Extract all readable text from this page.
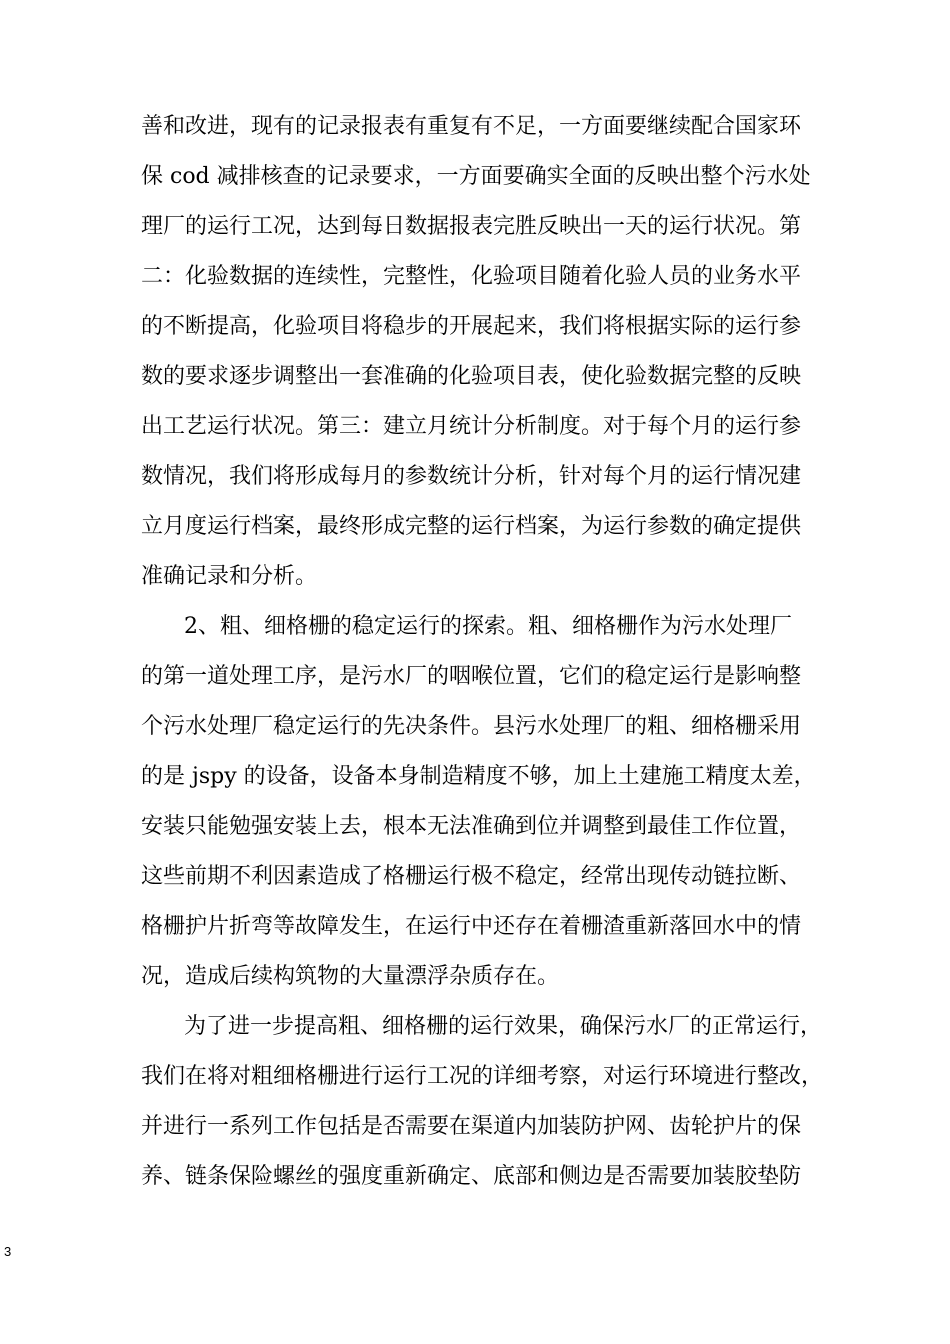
善和改进，现有的记录报表有重复有不足，一方面要继续配合国家环
保 cod 减排核查的记录要求，一方面要确实全面的反映出整个污水处
理厂的运行工况，达到每日数据报表完胜反映出一天的运行状况。第
二：化验数据的连续性，完整性，化验项目随着化验人员的业务水平
的不断提高，化验项目将稳步的开展起来，我们将根据实际的运行参
数的要求逐步调整出一套准确的化验项目表，使化验数据完整的反映
出工艺运行状况。第三：建立月统计分析制度。对于每个月的运行参
数情况，我们将形成每月的参数统计分析，针对每个月的运行情况建
立月度运行档案，最终形成完整的运行档案，为运行参数的确定提供
准确记录和分析。
2、粗、细格栅的稳定运行的探索。粗、细格栅作为污水处理厂
的第一道处理工序，是污水厂的咽喉位置，它们的稳定运行是影响整
个污水处理厂稳定运行的先决条件。县污水处理厂的粗、细格栅采用
的是 jspy 的设备，设备本身制造精度不够，加上土建施工精度太差，
安装只能勉强安装上去，根本无法准确到位并调整到最佳工作位置，
这些前期不利因素造成了格栅运行极不稳定，经常出现传动链拉断、
格栅护片折弯等故障发生，在运行中还存在着栅渣重新落回水中的情
况，造成后续构筑物的大量漂浮杂质存在。
为了进一步提高粗、细格栅的运行效果，确保污水厂的正常运行，
我们在将对粗细格栅进行运行工况的详细考察，对运行环境进行整改，
并进行一系列工作包括是否需要在渠道内加装防护网、齿轮护片的保
养、链条保险螺丝的强度重新确定、底部和侧边是否需要加装胶垫防
3
